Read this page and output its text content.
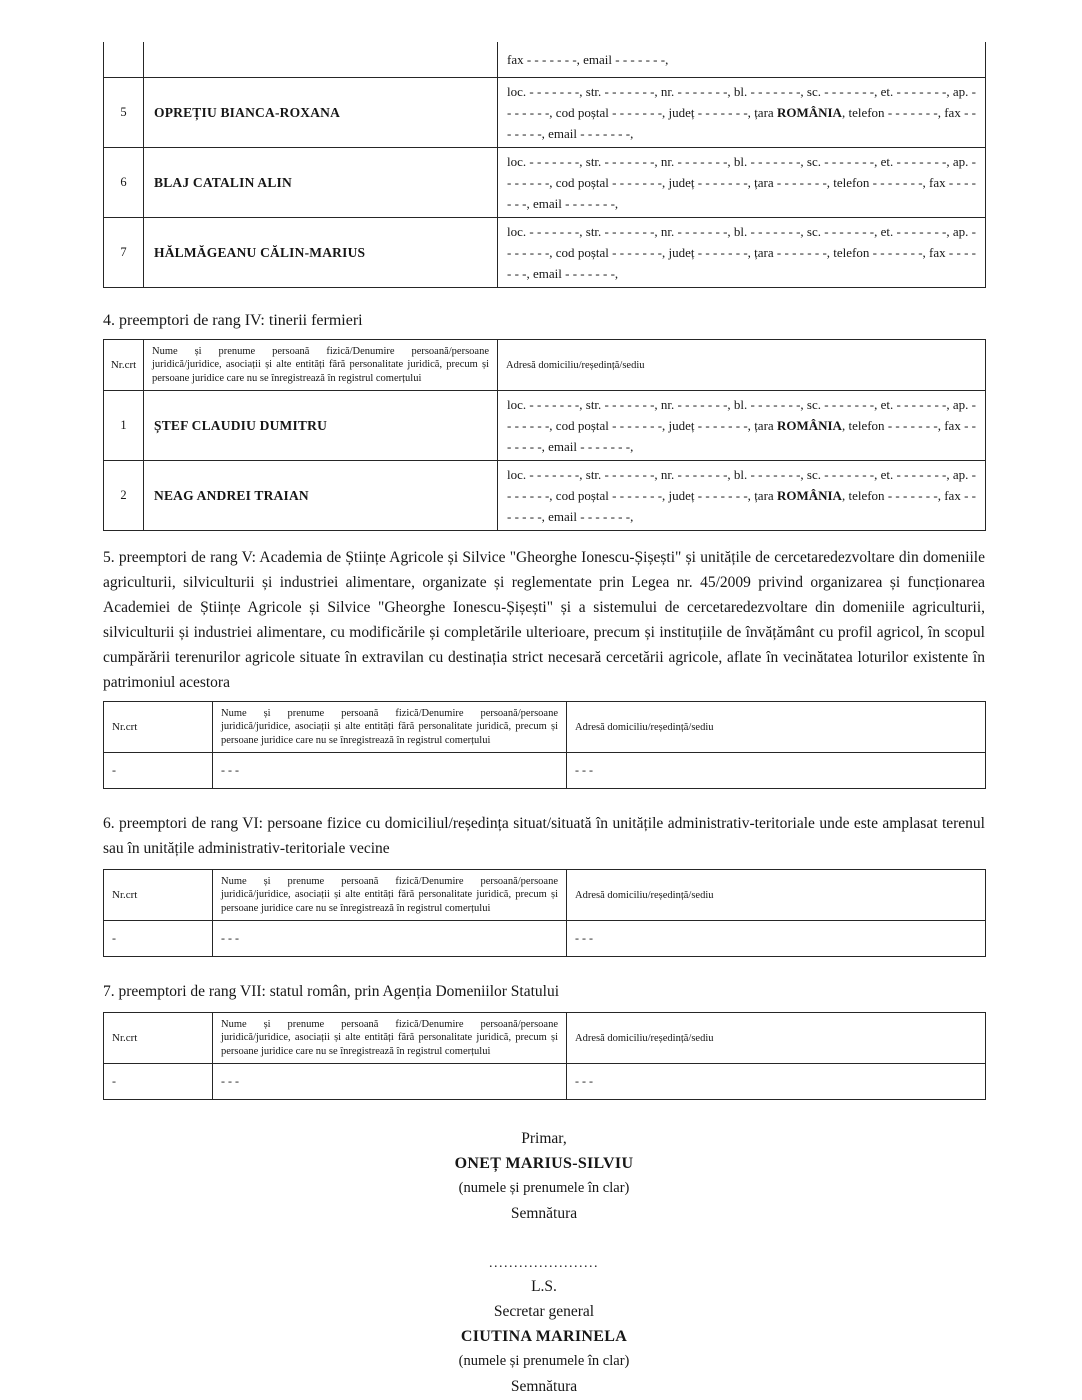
		fax - - - - - - -, email - - - - - - -,
5	OPREȚIU BIANCA-ROXANA	loc. - - - - - - -, str. - - - - - - -, nr. - - - - - - -, bl. - - - - - - -, sc. - - - - - - -, et. - - - - - - -, ap. - - - - - - -, cod poștal - - - - - - -, județ - - - - - - -, țara ROMÂNIA, telefon - - - - - - -, fax - - - - - - -, email - - - - - - -,
6	BLAJ CATALIN ALIN	loc. - - - - - - -, str. - - - - - - -, nr. - - - - - - -, bl. - - - - - - -, sc. - - - - - - -, et. - - - - - - -, ap. - - - - - - -, cod poștal - - - - - - -, județ - - - - - - -, țara - - - - - - -, telefon - - - - - - -, fax - - - - - - -, email - - - - - - -,
7	HĂLMĂGEANU CĂLIN-MARIUS	loc. - - - - - - -, str. - - - - - - -, nr. - - - - - - -, bl. - - - - - - -, sc. - - - - - - -, et. - - - - - - -, ap. - - - - - - -, cod poștal - - - - - - -, județ - - - - - - -, țara - - - - - - -, telefon - - - - - - -, fax - - - - - - -, email - - - - - - -,
4. preemptori de rang IV: tinerii fermieri
Nr.crt	Nume și prenume persoană fizică/Denumire persoană/persoane juridică/juridice, asociații și alte entități fără personalitate juridică, precum și persoane juridice care nu se înregistrează în registrul comerțului	Adresă domiciliu/reședință/sediu
1	ȘTEF CLAUDIU DUMITRU	loc. - - - - - - -, str. - - - - - - -, nr. - - - - - - -, bl. - - - - - - -, sc. - - - - - - -, et. - - - - - - -, ap. - - - - - - -, cod poștal - - - - - - -, județ - - - - - - -, țara ROMÂNIA, telefon - - - - - - -, fax - - - - - - -, email - - - - - - -,
2	NEAG ANDREI TRAIAN	loc. - - - - - - -, str. - - - - - - -, nr. - - - - - - -, bl. - - - - - - -, sc. - - - - - - -, et. - - - - - - -, ap. - - - - - - -, cod poștal - - - - - - -, județ - - - - - - -, țara ROMÂNIA, telefon - - - - - - -, fax - - - - - - -, email - - - - - - -,

5. preemptori de rang V: Academia de Științe Agricole și Silvice "Gheorghe Ionescu-Șișești" și unitățile de cercetaredezvoltare din domeniile agriculturii, silviculturii și industriei alimentare, organizate și reglementate prin Legea nr. 45/2009 privind organizarea și funcționarea Academiei de Științe Agricole și Silvice "Gheorghe Ionescu-Șișești" și a sistemului de cercetaredezvoltare din domeniile agriculturii, silviculturii și industriei alimentare, cu modificările și completările ulterioare, precum și instituțiile de învățământ cu profil agricol, în scopul cumpărării terenurilor agricole situate în extravilan cu destinația strict necesară cercetării agricole, aflate în vecinătatea loturilor existente în patrimoniul acestora

Nr.crt	Nume și prenume persoană fizică/Denumire persoană/persoane juridică/juridice, asociații și alte entități fără personalitate juridică, precum și persoane juridice care nu se înregistrează în registrul comerțului	Adresă domiciliu/reședință/sediu
-	- - -	- - -

6. preemptori de rang VI: persoane fizice cu domiciliul/reședința situat/situată în unitățile administrativ-teritoriale unde este amplasat terenul sau în unitățile administrativ-teritoriale vecine

Nr.crt	Nume și prenume persoană fizică/Denumire persoană/persoane juridică/juridice, asociații și alte entități fără personalitate juridică, precum și persoane juridice care nu se înregistrează în registrul comerțului	Adresă domiciliu/reședință/sediu
-	- - -	- - -

7. preemptori de rang VII: statul român, prin Agenția Domeniilor Statului

Nr.crt	Nume și prenume persoană fizică/Denumire persoană/persoane juridică/juridice, asociații și alte entități fără personalitate juridică, precum și persoane juridice care nu se înregistrează în registrul comerțului	Adresă domiciliu/reședință/sediu
-	- - -	- - -
Primar,
ONEȚ MARIUS-SILVIU
(numele și prenumele în clar)
Semnătura
......................
L.S.
Secretar general
CIUTINA MARINELA
(numele și prenumele în clar)
Semnătura
